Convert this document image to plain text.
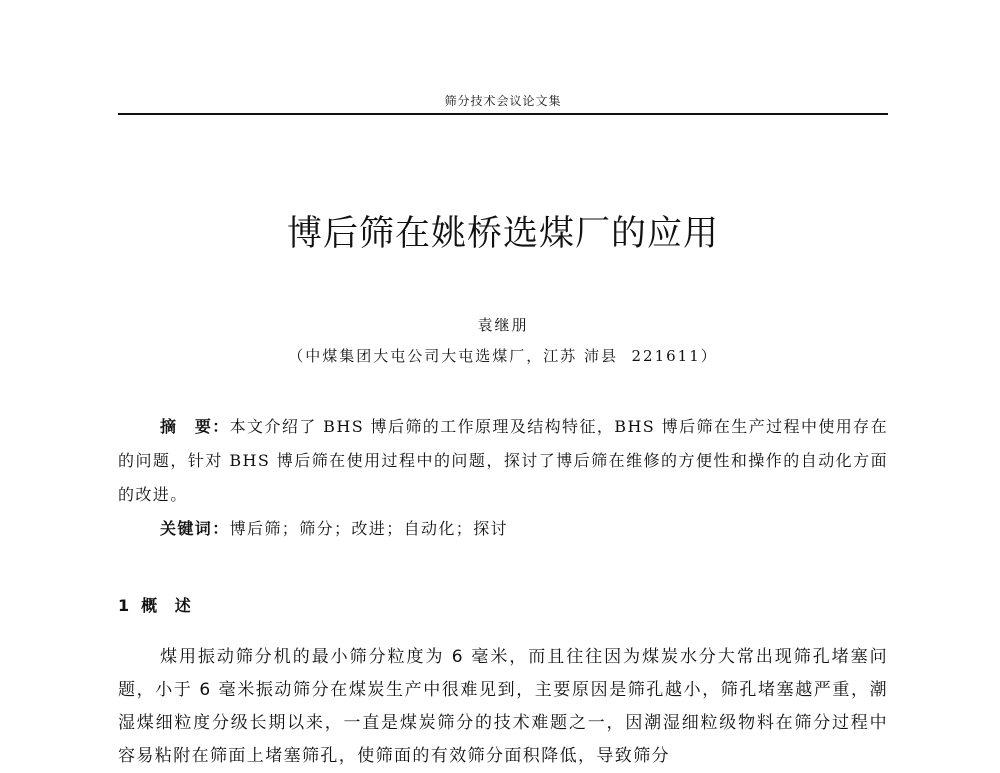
筛分技术会议论文集
博后筛在姚桥选煤厂的应用
袁继朋
（中煤集团大屯公司大屯选煤厂，江苏 沛县  221611）

摘　要：本文介绍了 BHS 博后筛的工作原理及结构特征，BHS 博后筛在生产过程中使用存在的问题，针对 BHS 博后筛在使用过程中的问题，探讨了博后筛在维修的方便性和操作的自动化方面的改进。

关键词：博后筛；筛分；改进；自动化；探讨

1 概 述

煤用振动筛分机的最小筛分粒度为 6 毫米，而且往往因为煤炭水分大常出现筛孔堵塞问题，小于 6 毫米振动筛分在煤炭生产中很难见到，主要原因是筛孔越小，筛孔堵塞越严重，潮湿煤细粒度分级长期以来，一直是煤炭筛分的技术难题之一，因潮湿细粒级物料在筛分过程中容易粘附在筛面上堵塞筛孔，使筛面的有效筛分面积降低，导致筛分
